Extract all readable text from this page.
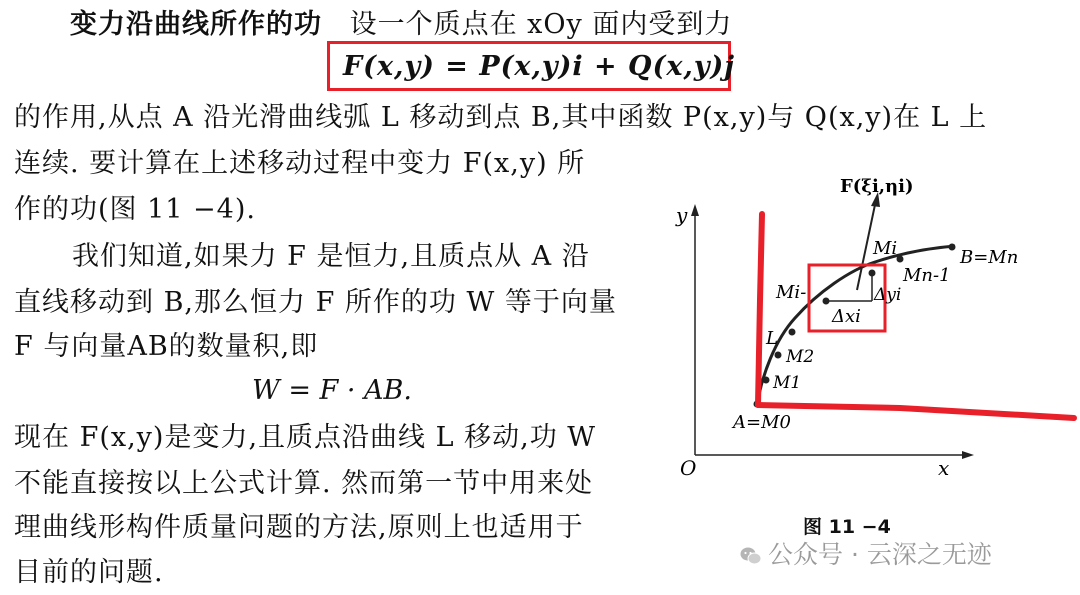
变力沿曲线所作的功 设一个质点在 xOy 面内受到力
F(x,y) = P(x,y)i + Q(x,y)j
的作用,从点 A 沿光滑曲线弧 L 移动到点 B,其中函数 P(x,y)与 Q(x,y)在 L 上
连续. 要计算在上述移动过程中变力 F(x,y) 所
作的功(图 11 −4).
我们知道,如果力 F 是恒力,且质点从 A 沿
直线移动到 B,那么恒力 F 所作的功 W 等于向量
F 与向量AB的数量积,即
W = F · AB.
现在 F(x,y)是变力,且质点沿曲线 L 移动,功 W
不能直接按以上公式计算. 然而第一节中用来处
理曲线形构件质量问题的方法,原则上也适用于
目前的问题.
y
x
O
F(ξi,ηi)
Mi
Mi-
B=Mn
Mn-1
Δxi
Δyi
L
M2
M1
A=M0
图 11 −4
公众号 · 云深之无迹
